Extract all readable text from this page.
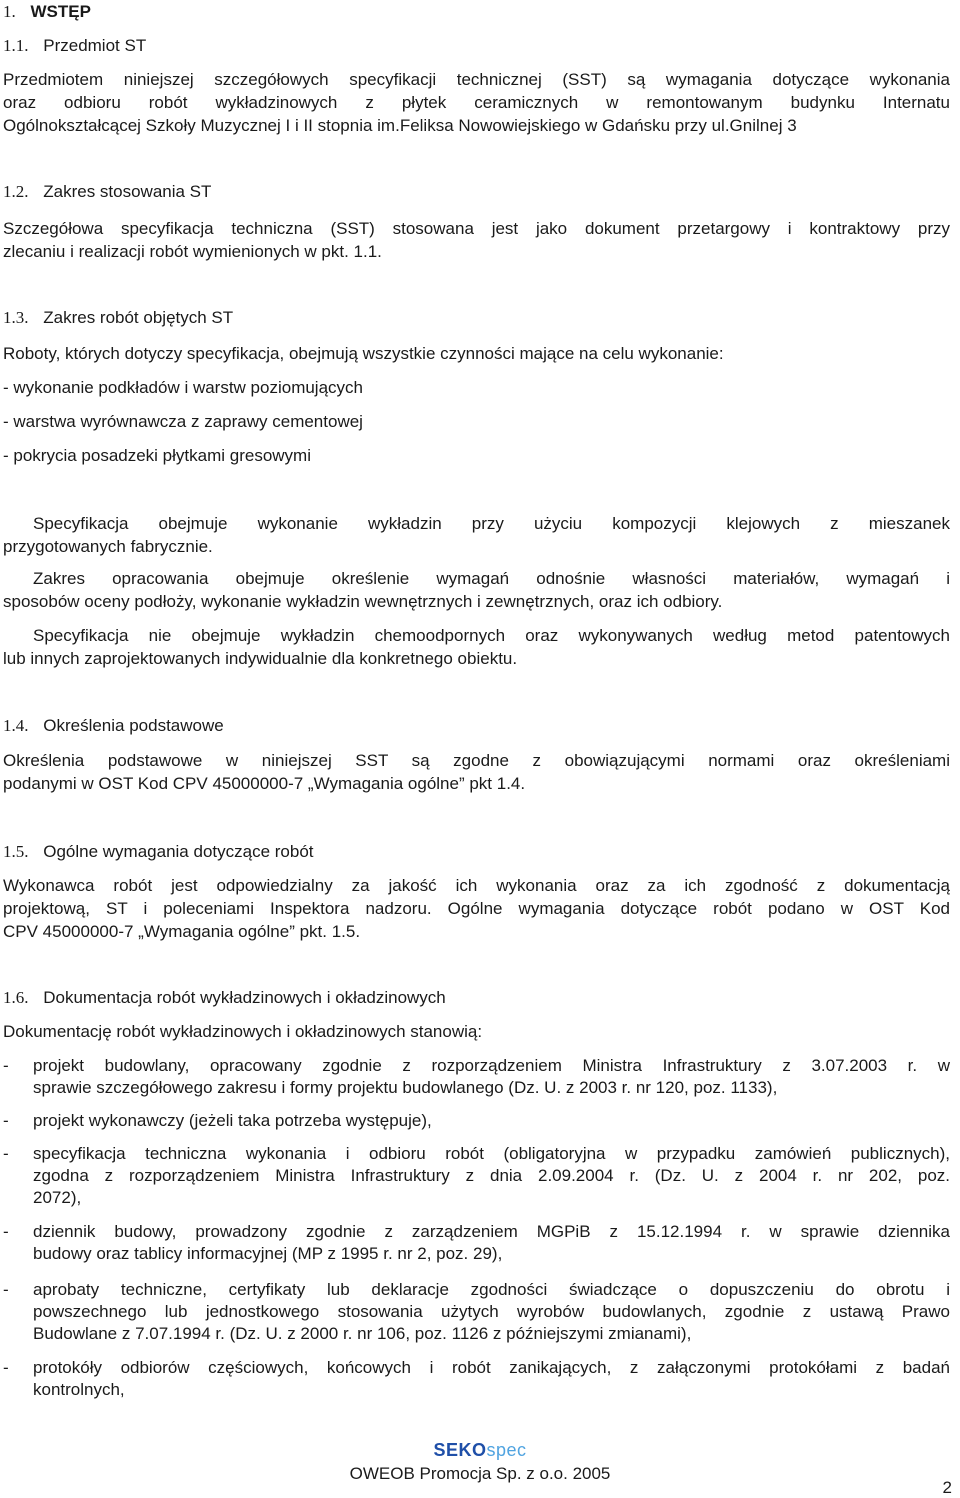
1. WSTĘP
1.1. Przedmiot ST
Przedmiotem niniejszej szczegółowych specyfikacji technicznej (SST) są wymagania dotyczące wykonania
oraz odbioru robót wykładzinowych z płytek ceramicznych w remontowanym budynku Internatu
Ogólnokształcącej Szkoły Muzycznej I i II stopnia im.Feliksa Nowowiejskiego w Gdańsku przy ul.Gnilnej 3
1.2. Zakres stosowania ST
Szczegółowa specyfikacja techniczna (SST) stosowana jest jako dokument przetargowy i kontraktowy przy
zlecaniu i realizacji robót wymienionych w pkt. 1.1.
1.3. Zakres robót objętych ST
Roboty, których dotyczy specyfikacja, obejmują wszystkie czynności mające na celu wykonanie:
- wykonanie podkładów i warstw poziomujących
- warstwa wyrównawcza z zaprawy cementowej
- pokrycia posadzeki płytkami gresowymi
Specyfikacja obejmuje wykonanie wykładzin przy użyciu kompozycji klejowych z mieszanek
przygotowanych fabrycznie.
Zakres opracowania obejmuje określenie wymagań odnośnie własności materiałów, wymagań i
sposobów oceny podłoży, wykonanie wykładzin wewnętrznych i zewnętrznych, oraz ich odbiory.
Specyfikacja nie obejmuje wykładzin chemoodpornych oraz wykonywanych według metod patentowych
lub innych zaprojektowanych indywidualnie dla konkretnego obiektu.
1.4. Określenia podstawowe
Określenia podstawowe w niniejszej SST są zgodne z obowiązującymi normami oraz określeniami
podanymi w OST Kod CPV 45000000-7 „Wymagania ogólne” pkt 1.4.
1.5. Ogólne wymagania dotyczące robót
Wykonawca robót jest odpowiedzialny za jakość ich wykonania oraz za ich zgodność z dokumentacją
projektową, ST i poleceniami Inspektora nadzoru. Ogólne wymagania dotyczące robót podano w OST Kod
CPV 45000000-7 „Wymagania ogólne” pkt. 1.5.
1.6. Dokumentacja robót wykładzinowych i okładzinowych
Dokumentację robót wykładzinowych i okładzinowych stanowią:
- projekt budowlany, opracowany zgodnie z rozporządzeniem Ministra Infrastruktury z 3.07.2003 r. w
sprawie szczegółowego zakresu i formy projektu budowlanego (Dz. U. z 2003 r. nr 120, poz. 1133),
- projekt wykonawczy (jeżeli taka potrzeba występuje),
- specyfikacja techniczna wykonania i odbioru robót (obligatoryjna w przypadku zamówień publicznych),
zgodna z rozporządzeniem Ministra Infrastruktury z dnia 2.09.2004 r. (Dz. U. z 2004 r. nr 202, poz.
2072),
- dziennik budowy, prowadzony zgodnie z zarządzeniem MGPiB z 15.12.1994 r. w sprawie dziennika
budowy oraz tablicy informacyjnej (MP z 1995 r. nr 2, poz. 29),
- aprobaty techniczne, certyfikaty lub deklaracje zgodności świadczące o dopuszczeniu do obrotu i
powszechnego lub jednostkowego stosowania użytych wyrobów budowlanych, zgodnie z ustawą Prawo
Budowlane z 7.07.1994 r. (Dz. U. z 2000 r. nr 106, poz. 1126 z późniejszymi zmianami),
- protokóły odbiorów częściowych, końcowych i robót zanikających, z załączonymi protokółami z badań
kontrolnych,
SEKOspec
OWEOB Promocja Sp. z o.o. 2005
2
